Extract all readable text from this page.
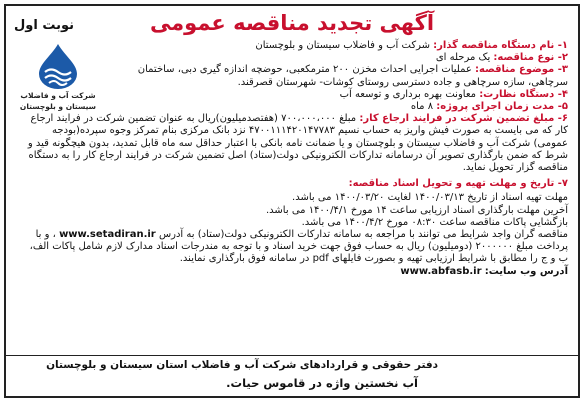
آگهی تجدید مناقصه عمومی
نوبت اول
شرکت آب و فاضلاب
سیستان و بلوچستان

۱- نام دستگاه مناقصه گذار: شرکت آب و فاضلاب سیستان و بلوچستان

۲- نوع مناقصه: یک مرحله ای

۳- موضوع مناقصه: عملیات اجرایی احداث مخزن ۲۰۰ مترمکعبی، حوضچه اندازه گیری دبی، ساختمان سرچاهی، سازه سرچاهی و جاده دسترسی روستای کوشات- شهرستان قصرقند.

۴- دستگاه نظارت: معاونت بهره برداری و توسعه آب

۵- مدت زمان اجرای پروژه: ۸ ماه

۶- مبلغ تضمین شرکت در فرایند ارجاع کار: مبلغ ۷۰۰،۰۰۰،۰۰۰ (هفتصدمیلیون)ریال به عنوان تضمین شرکت در فرایند ارجاع کار که می بایست به صورت فیش واریز به حساب نسیم ۴۷۰۰۱۱۱۴۲۰۱۴۷۷۸۳ نزد بانک مرکزی بنام تمرکز وجوه سپرده(بودجه عمومی) شرکت آب و فاضلاب سیستان و بلوچستان و یا ضمانت نامه بانکی با اعتبار حداقل سه ماه قابل تمدید، بدون هیچگونه قید و شرط که ضمن بارگذاری تصویر آن درسامانه تدارکات الکترونیکی دولت(ستاد) اصل تضمین شرکت در فرایند ارجاع کار را به دستگاه مناقصه گزار تحویل نماید.

۷- تاریخ و مهلت تهیه و تحویل اسناد مناقصه:
مهلت تهیه اسناد از تاریخ ۱۴۰۰/۰۳/۱۳ لغایت ۱۴۰۰/۰۳/۲۰ می باشد.
آخرین مهلت بارگذاری اسناد ارزیابی ساعت ۱۴ مورخ ۱۴۰۰/۴/۱ می باشد.
بازگشایی پاکات مناقصه ساعت ۰۸:۳۰ مورخ ۱۴۰۰/۴/۲ می باشد.

مناقصه گران واجد شرایط می توانند با مراجعه به سامانه تدارکات الکترونیکی دولت(ستاد) به آدرس www.setadiran.ir ، و با پرداخت مبلغ ۲۰۰۰۰۰۰ (دومیلیون) ریال به حساب فوق جهت خرید اسناد و با توجه به مندرجات اسناد مدارک لازم شامل پاکات الف، ب و ج را مطابق با شرایط ارزیابی تهیه و بصورت فایلهای pdf در سامانه فوق بارگذاری نمایند.

آدرس وب سایت: www.abfasb.ir

دفتر حقوقی و قراردادهای شرکت آب و فاضلاب استان سیستان و بلوچستان
آب نخستین واژه در قاموس حیات.
